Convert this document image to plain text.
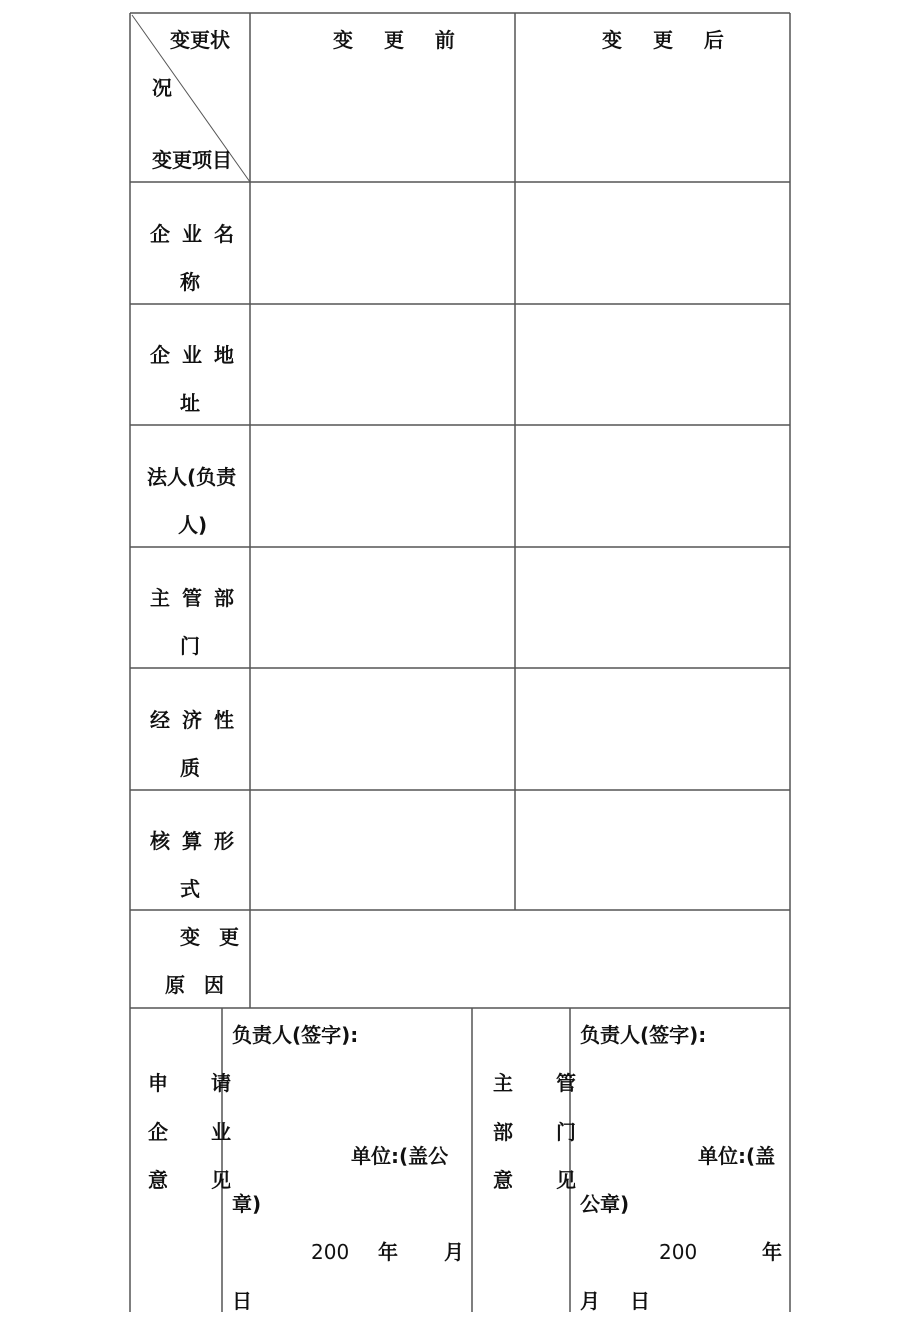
变更状
况
变更项目
变 更 前	变 更 后
企业名
称
企业地
址
法人(负责
人)
主管部
门
经济性
质
核算形
式
变 更
原 因
申 请
企 业
意 见
负责人(签字):
单位:(盖公
章)
200 年 月
日
主 管
部 门
意 见
负责人(签字):
单位:(盖
公章)
200	年
月 日
